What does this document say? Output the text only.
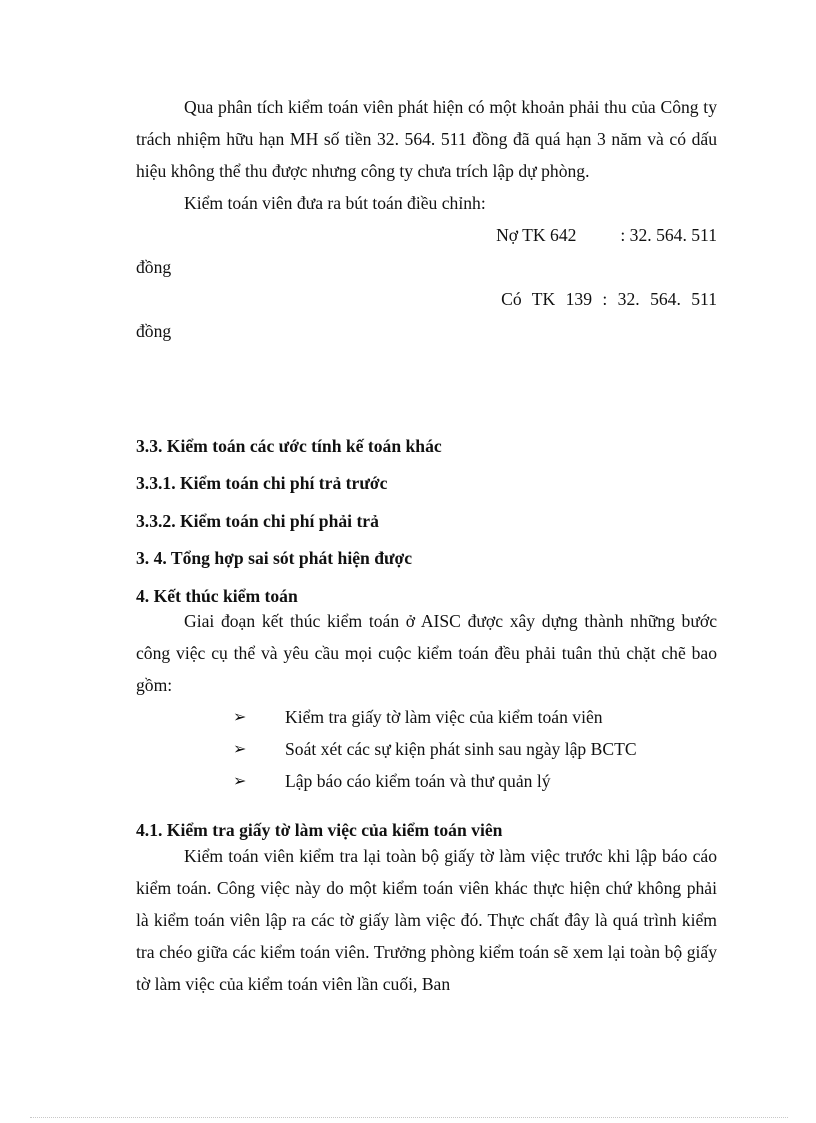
Qua phân tích kiểm toán viên phát hiện có một khoản phải thu của Công ty trách nhiệm hữu hạn MH số tiền 32. 564. 511 đồng đã quá hạn 3 năm và có dấu hiệu không thể thu được nhưng công ty chưa trích lập dự phòng.

Kiểm toán viên đưa ra bút toán điều chỉnh:

Nợ TK 642          : 32. 564. 511

đồng

Có TK 139 : 32. 564. 511

đồng

3.3. Kiểm toán các ước tính kế toán khác

3.3.1. Kiểm toán chi phí trả trước

3.3.2. Kiểm toán chi phí phải trả

3. 4. Tổng hợp sai sót phát hiện được

4. Kết thúc kiểm toán

Giai đoạn kết thúc kiểm toán ở AISC được xây dựng thành những bước công việc cụ thể và yêu cầu mọi cuộc kiểm toán đều phải tuân thủ chặt chẽ bao gồm:

➢	Kiểm tra giấy tờ làm việc của kiểm toán viên
➢	Soát xét các sự kiện phát sinh sau ngày lập BCTC
➢	Lập báo cáo kiểm toán và thư quản lý

4.1. Kiểm tra giấy tờ làm việc của kiểm toán viên

Kiểm toán viên kiểm tra lại toàn bộ giấy tờ làm việc trước khi lập báo cáo kiểm toán. Công việc này do một kiểm toán viên khác thực hiện chứ không phải là kiểm toán viên lập ra các tờ giấy làm việc đó. Thực chất đây là quá trình kiểm tra chéo giữa các kiểm toán viên. Trưởng phòng kiểm toán sẽ xem lại toàn bộ giấy tờ làm việc của kiểm toán viên lần cuối, Ban
